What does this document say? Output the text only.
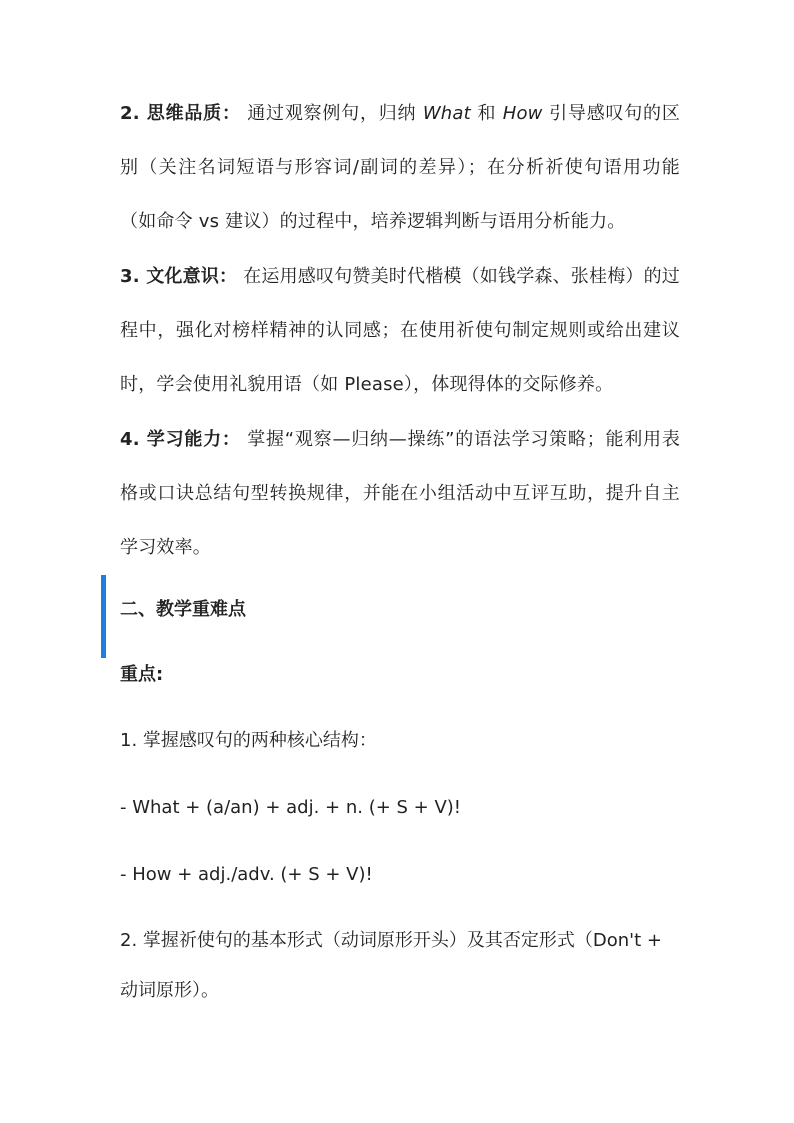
2. 思维品质： 通过观察例句，归纳 What 和 How 引导感叹句的区别（关注名词短语与形容词/副词的差异）；在分析祈使句语用功能（如命令 vs 建议）的过程中，培养逻辑判断与语用分析能力。

3. 文化意识： 在运用感叹句赞美时代楷模（如钱学森、张桂梅）的过程中，强化对榜样精神的认同感；在使用祈使句制定规则或给出建议时，学会使用礼貌用语（如 Please），体现得体的交际修养。

4. 学习能力： 掌握“观察—归纳—操练”的语法学习策略；能利用表格或口诀总结句型转换规律，并能在小组活动中互评互助，提升自主学习效率。

二、教学重难点

重点:

1. 掌握感叹句的两种核心结构：

- What + (a/an) + adj. + n. (+ S + V)!

- How + adj./adv. (+ S + V)!

2. 掌握祈使句的基本形式（动词原形开头）及其否定形式（Don't +

动词原形）。
